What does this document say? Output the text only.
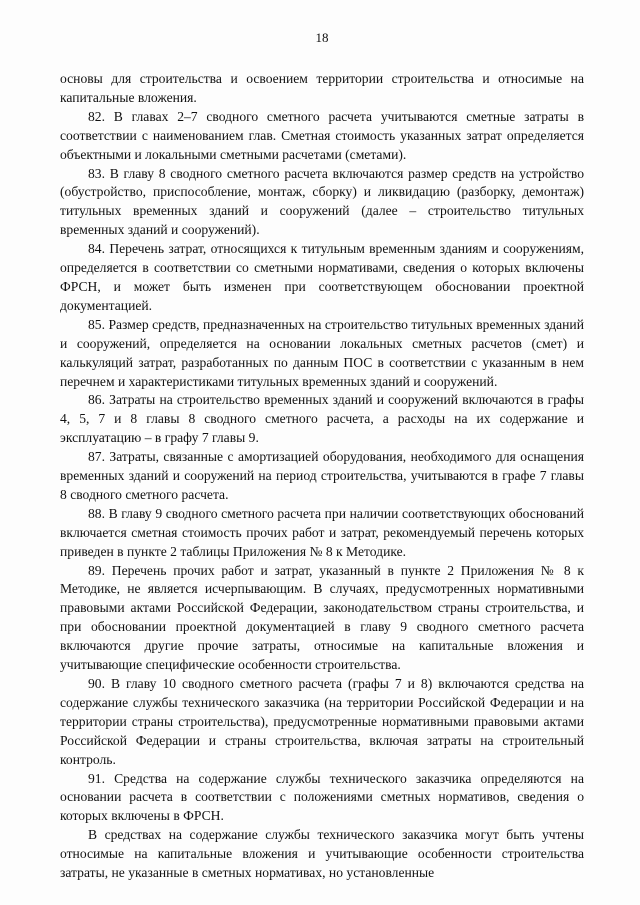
18

основы для строительства и освоением территории строительства и относимые на капитальные вложения.

82. В главах 2–7 сводного сметного расчета учитываются сметные затраты в соответствии с наименованием глав. Сметная стоимость указанных затрат определяется объектными и локальными сметными расчетами (сметами).

83. В главу 8 сводного сметного расчета включаются размер средств на устройство (обустройство, приспособление, монтаж, сборку) и ликвидацию (разборку, демонтаж) титульных временных зданий и сооружений (далее – строительство титульных временных зданий и сооружений).

84. Перечень затрат, относящихся к титульным временным зданиям и сооружениям, определяется в соответствии со сметными нормативами, сведения о которых включены ФРСН, и может быть изменен при соответствующем обосновании проектной документацией.

85. Размер средств, предназначенных на строительство титульных временных зданий и сооружений, определяется на основании локальных сметных расчетов (смет) и калькуляций затрат, разработанных по данным ПОС в соответствии с указанным в нем перечнем и характеристиками титульных временных зданий и сооружений.

86. Затраты на строительство временных зданий и сооружений включаются в графы 4, 5, 7 и 8 главы 8 сводного сметного расчета, а расходы на их содержание и эксплуатацию – в графу 7 главы 9.

87. Затраты, связанные с амортизацией оборудования, необходимого для оснащения временных зданий и сооружений на период строительства, учитываются в графе 7 главы 8 сводного сметного расчета.

88. В главу 9 сводного сметного расчета при наличии соответствующих обоснований включается сметная стоимость прочих работ и затрат, рекомендуемый перечень которых приведен в пункте 2 таблицы Приложения № 8 к Методике.

89. Перечень прочих работ и затрат, указанный в пункте 2 Приложения № 8 к Методике, не является исчерпывающим. В случаях, предусмотренных нормативными правовыми актами Российской Федерации, законодательством страны строительства, и при обосновании проектной документацией в главу 9 сводного сметного расчета включаются другие прочие затраты, относимые на капитальные вложения и учитывающие специфические особенности строительства.

90. В главу 10 сводного сметного расчета (графы 7 и 8) включаются средства на содержание службы технического заказчика (на территории Российской Федерации и на территории страны строительства), предусмотренные нормативными правовыми актами Российской Федерации и страны строительства, включая затраты на строительный контроль.

91. Средства на содержание службы технического заказчика определяются на основании расчета в соответствии с положениями сметных нормативов, сведения о которых включены в ФРСН.

В средствах на содержание службы технического заказчика могут быть учтены относимые на капитальные вложения и учитывающие особенности строительства затраты, не указанные в сметных нормативах, но установленные
